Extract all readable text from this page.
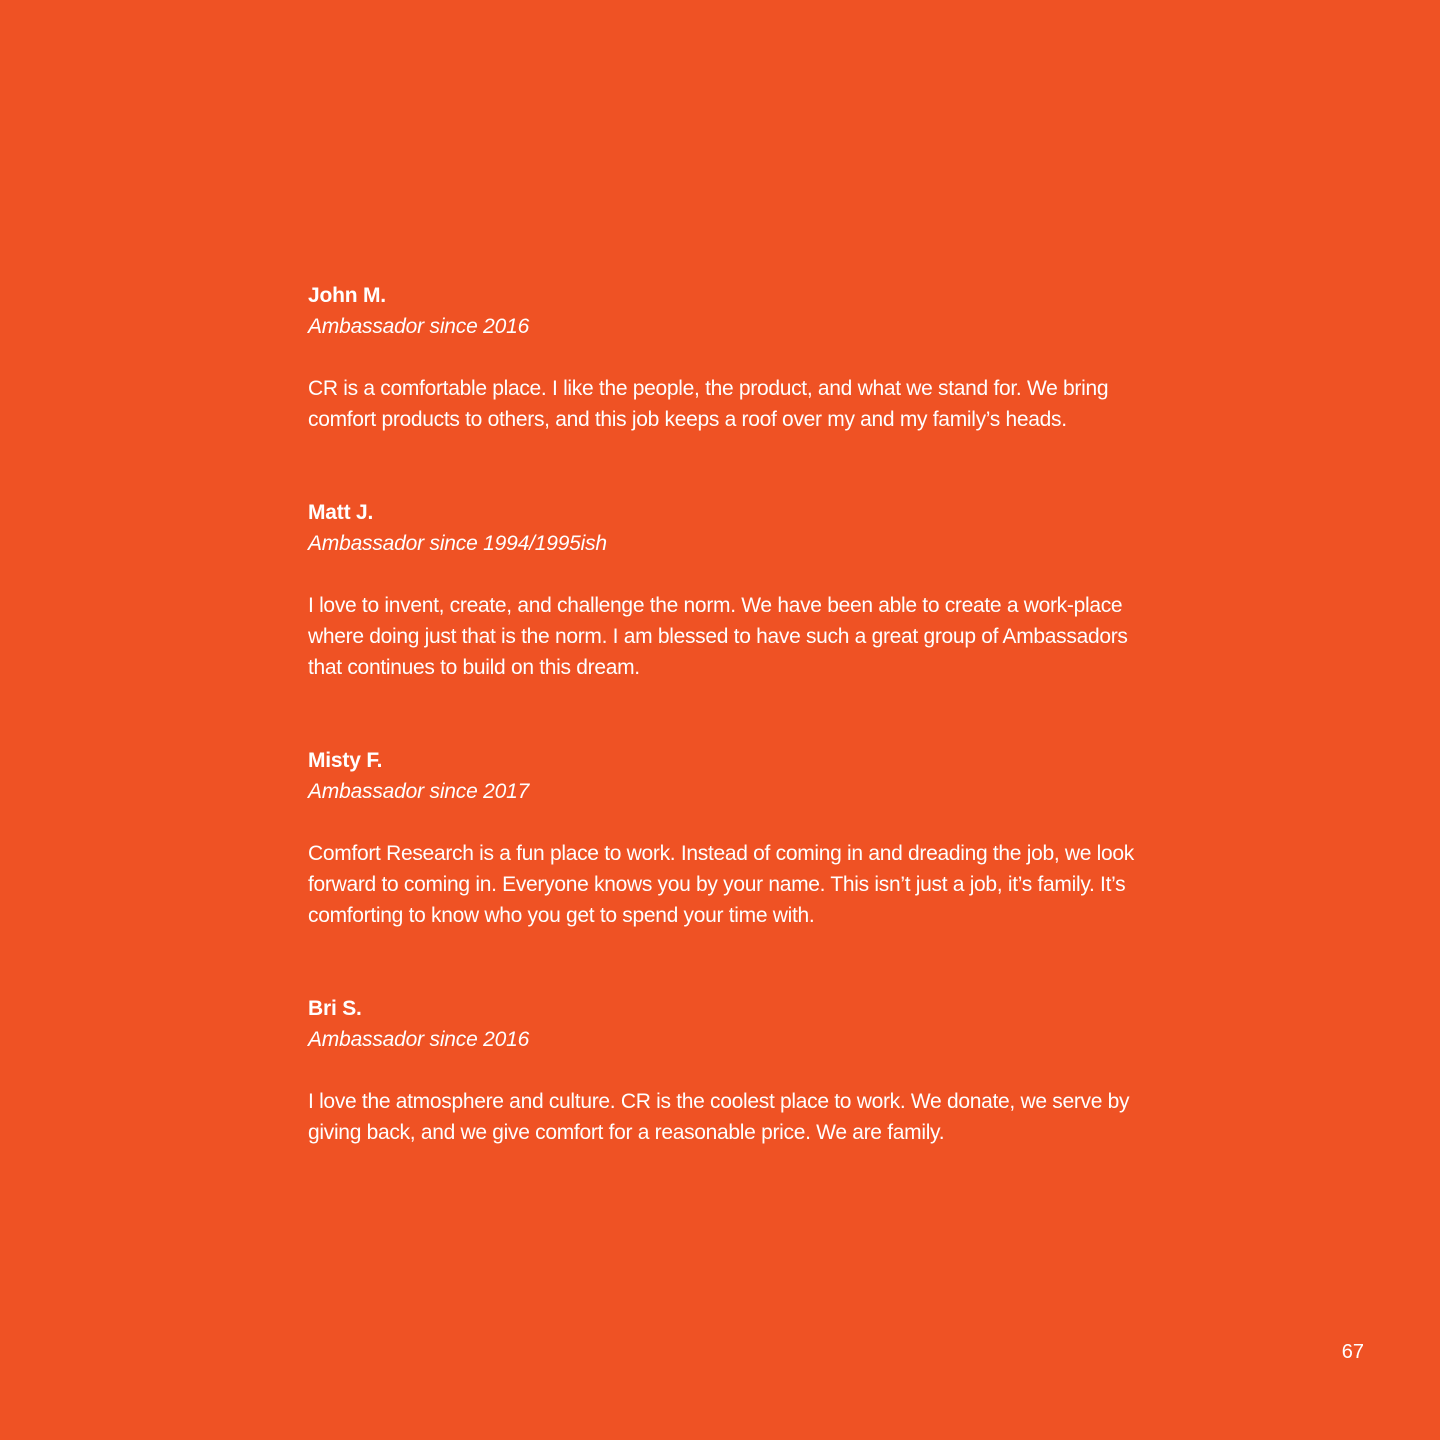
John M.

Ambassador since 2016

CR is a comfortable place. I like the people, the product, and what we stand for. We bring comfort products to others, and this job keeps a roof over my and my family’s heads.

Matt J.

Ambassador since 1994/1995ish

I love to invent, create, and challenge the norm. We have been able to create a work-place where doing just that is the norm. I am blessed to have such a great group of Ambassadors that continues to build on this dream.

Misty F.

Ambassador since 2017

Comfort Research is a fun place to work. Instead of coming in and dreading the job, we look forward to coming in. Everyone knows you by your name. This isn’t just a job, it’s family. It’s comforting to know who you get to spend your time with.

Bri S.

Ambassador since 2016

I love the atmosphere and culture. CR is the coolest place to work. We donate, we serve by giving back, and we give comfort for a reasonable price. We are family.

67
